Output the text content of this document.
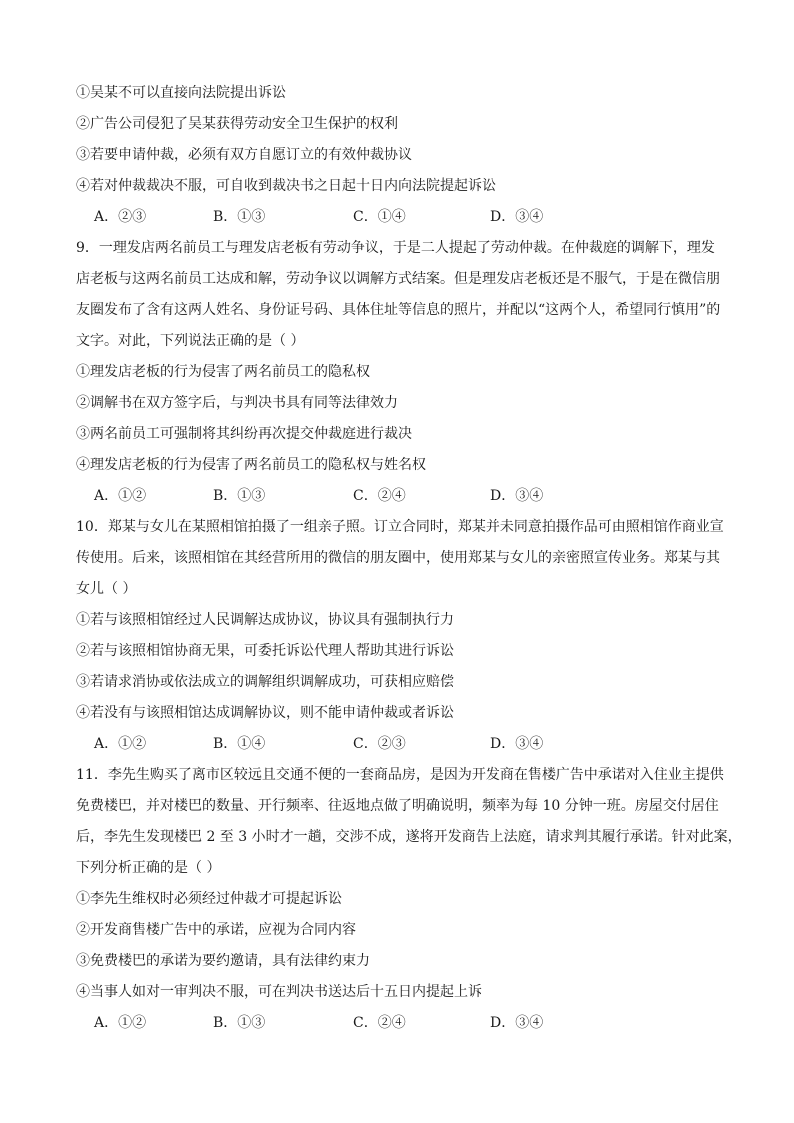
①吴某不可以直接向法院提出诉讼
②广告公司侵犯了吴某获得劳动安全卫生保护的权利
③若要申请仲裁，必须有双方自愿订立的有效仲裁协议
④若对仲裁裁决不服，可自收到裁决书之日起十日内向法院提起诉讼
A．②③	B．①③	C．①④	D．③④
9．一理发店两名前员工与理发店老板有劳动争议，于是二人提起了劳动仲裁。在仲裁庭的调解下，理发
店老板与这两名前员工达成和解，劳动争议以调解方式结案。但是理发店老板还是不服气，于是在微信朋
友圈发布了含有这两人姓名、身份证号码、具体住址等信息的照片，并配以“这两个人，希望同行慎用”的
文字。对此，下列说法正确的是（ ）
①理发店老板的行为侵害了两名前员工的隐私权
②调解书在双方签字后，与判决书具有同等法律效力
③两名前员工可强制将其纠纷再次提交仲裁庭进行裁决
④理发店老板的行为侵害了两名前员工的隐私权与姓名权
A．①②	B．①③	C．②④	D．③④
10．郑某与女儿在某照相馆拍摄了一组亲子照。订立合同时，郑某并未同意拍摄作品可由照相馆作商业宣
传使用。后来，该照相馆在其经营所用的微信的朋友圈中，使用郑某与女儿的亲密照宣传业务。郑某与其
女儿（ ）
①若与该照相馆经过人民调解达成协议，协议具有强制执行力
②若与该照相馆协商无果，可委托诉讼代理人帮助其进行诉讼
③若请求消协或依法成立的调解组织调解成功，可获相应赔偿
④若没有与该照相馆达成调解协议，则不能申请仲裁或者诉讼
A．①②	B．①④	C．②③	D．③④
11．李先生购买了离市区较远且交通不便的一套商品房，是因为开发商在售楼广告中承诺对入住业主提供
免费楼巴，并对楼巴的数量、开行频率、往返地点做了明确说明，频率为每 10 分钟一班。房屋交付居住
后，李先生发现楼巴 2 至 3 小时才一趟，交涉不成，遂将开发商告上法庭，请求判其履行承诺。针对此案，
下列分析正确的是（ ）
①李先生维权时必须经过仲裁才可提起诉讼
②开发商售楼广告中的承诺，应视为合同内容
③免费楼巴的承诺为要约邀请，具有法律约束力
④当事人如对一审判决不服，可在判决书送达后十五日内提起上诉
A．①②	B．①③	C．②④	D．③④
